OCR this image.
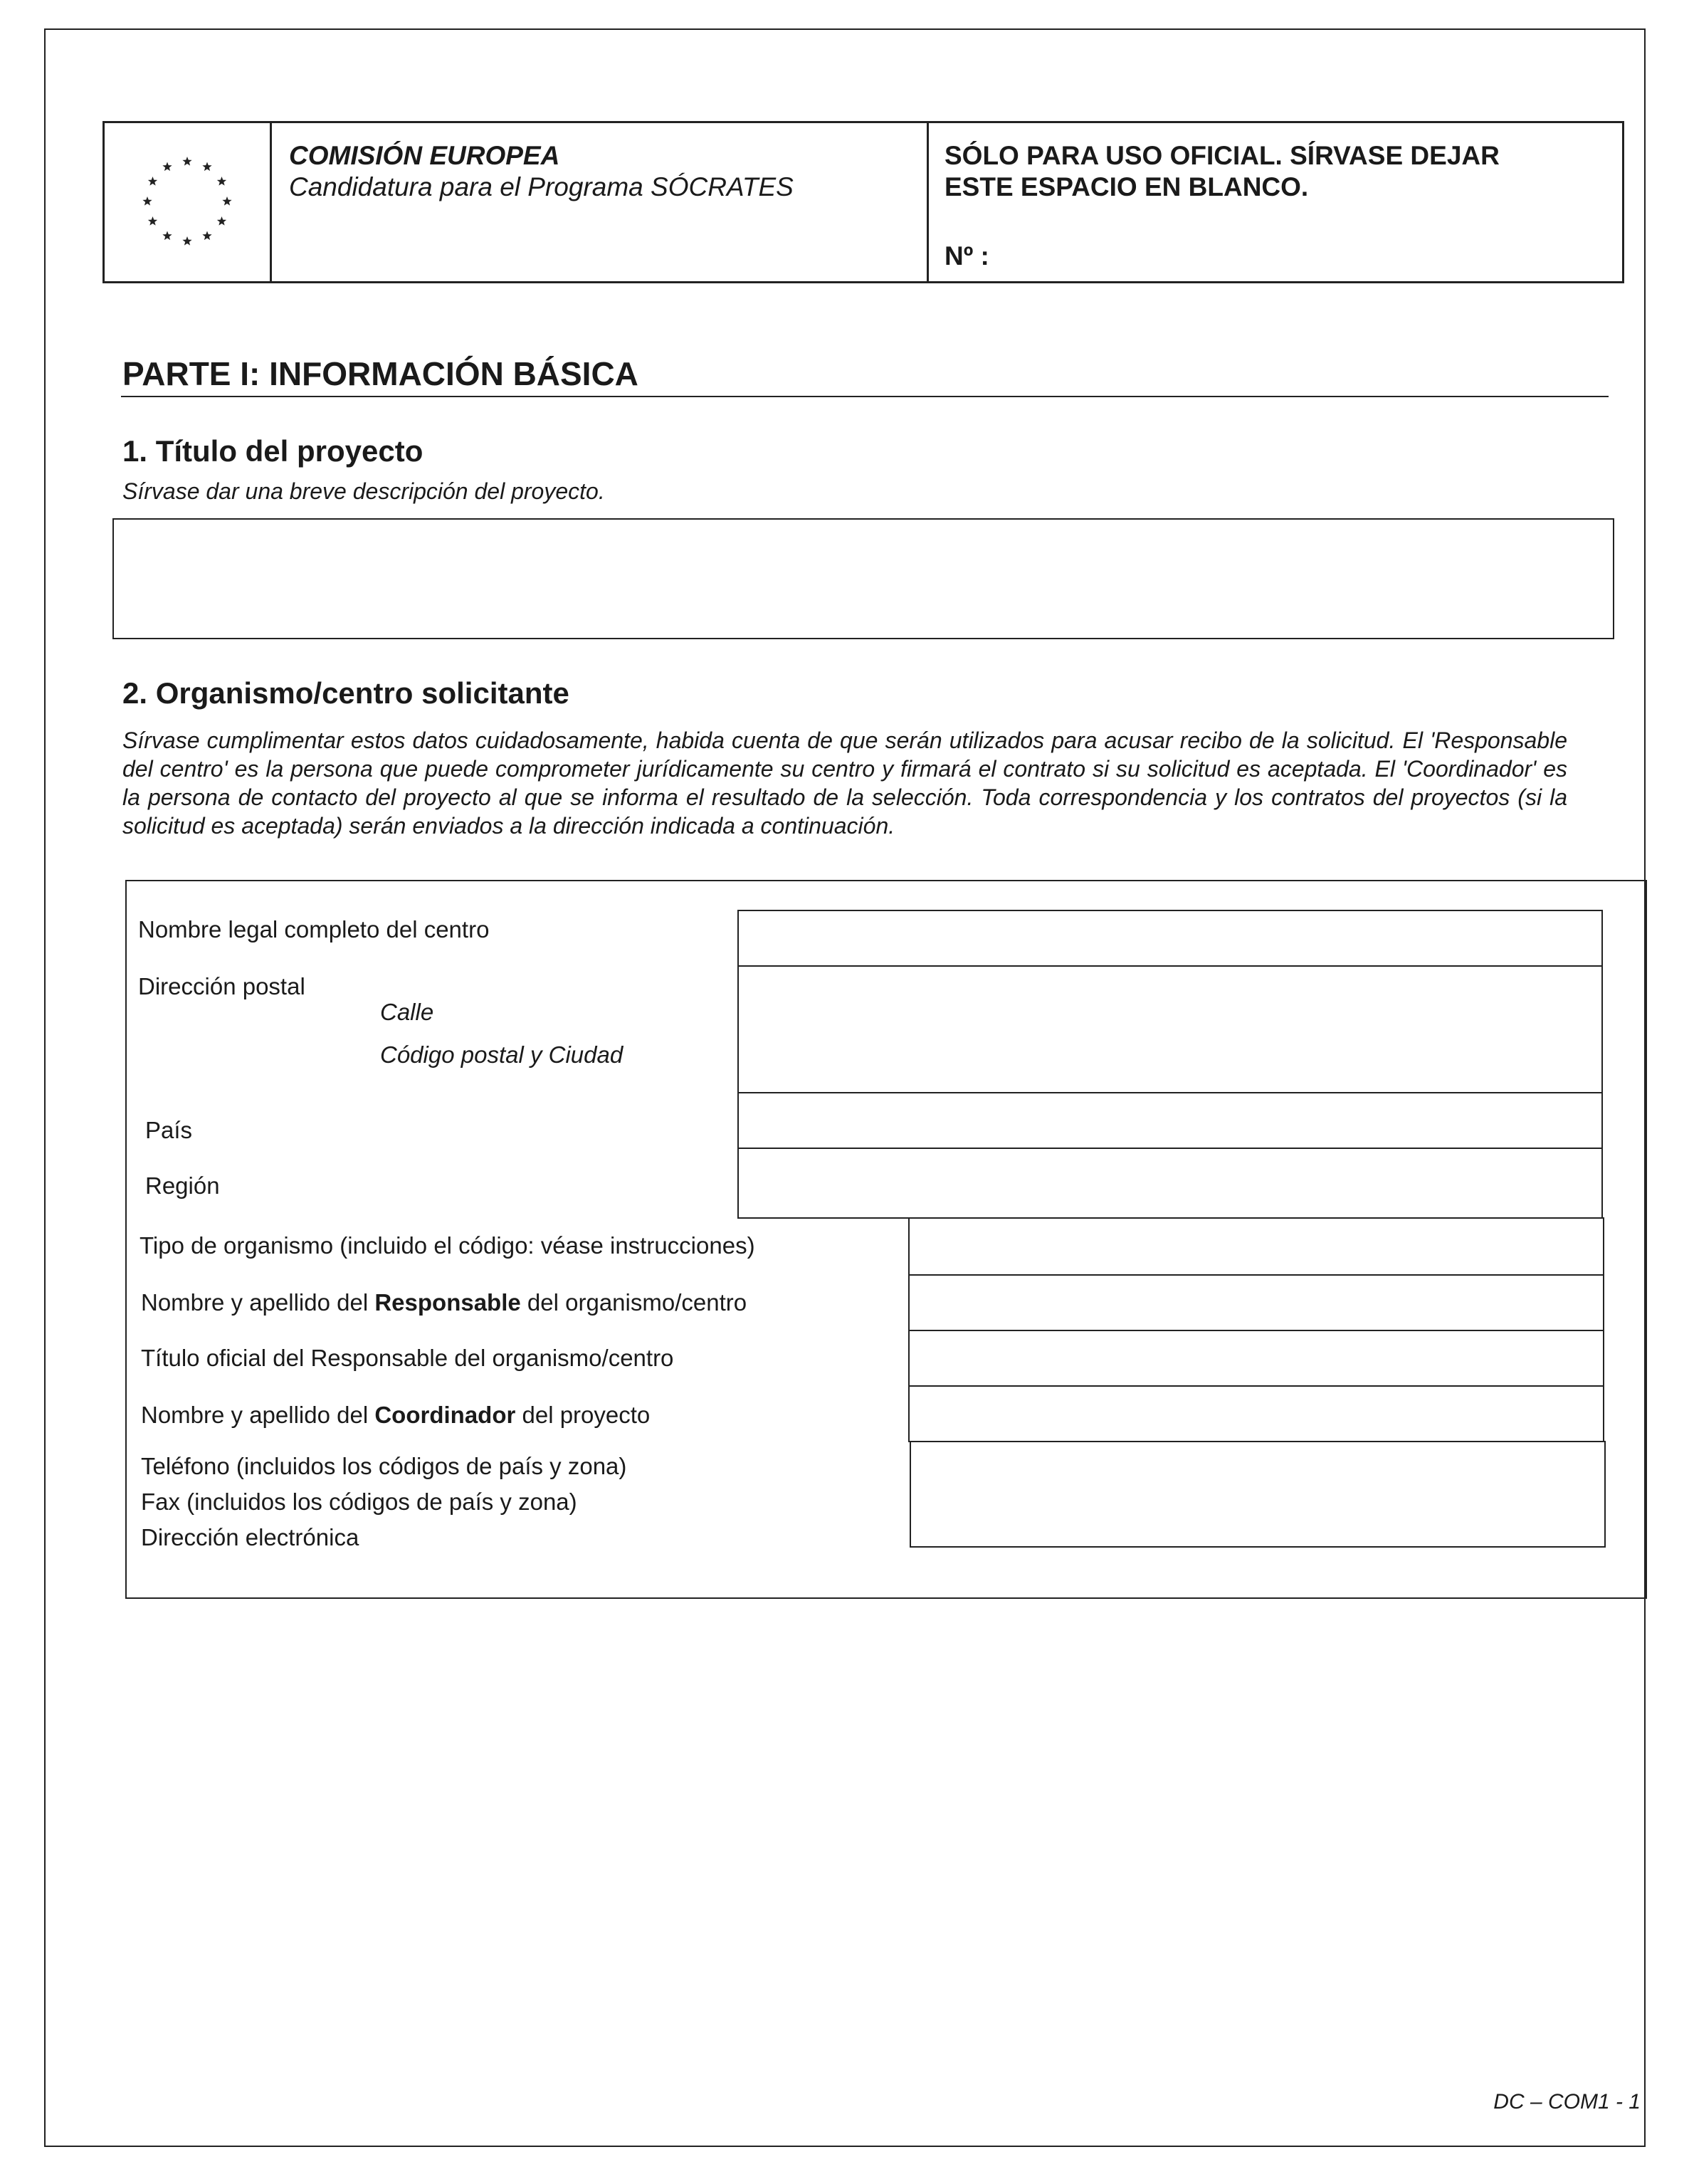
COMISIÓN EUROPEA
Candidatura para el Programa SÓCRATES
SÓLO PARA USO OFICIAL. SÍRVASE DEJAR
ESTE ESPACIO EN BLANCO.
Nº :
PARTE I: INFORMACIÓN BÁSICA
1. Título del proyecto
Sírvase dar una breve descripción del proyecto.
2. Organismo/centro solicitante
Sírvase cumplimentar estos datos cuidadosamente, habida cuenta de que serán utilizados para acusar recibo de la solicitud. El 'Responsable del centro' es la persona que puede comprometer jurídicamente su centro y firmará el contrato si su solicitud es aceptada. El 'Coordinador' es la persona de contacto del proyecto al que se informa el resultado de la selección. Toda correspondencia y los contratos del proyectos (si la solicitud es aceptada) serán enviados a la dirección indicada a continuación.
Nombre legal completo del centro
Dirección postal
Calle
Código postal y Ciudad
País
Región
Tipo de organismo (incluido el código: véase instrucciones)
Nombre y apellido del Responsable del organismo/centro
Título oficial del Responsable del organismo/centro
Nombre y apellido del Coordinador del proyecto
Teléfono (incluidos los códigos de país y zona)
Fax (incluidos los códigos de país y zona)
Dirección electrónica
DC – COM1 - 1
